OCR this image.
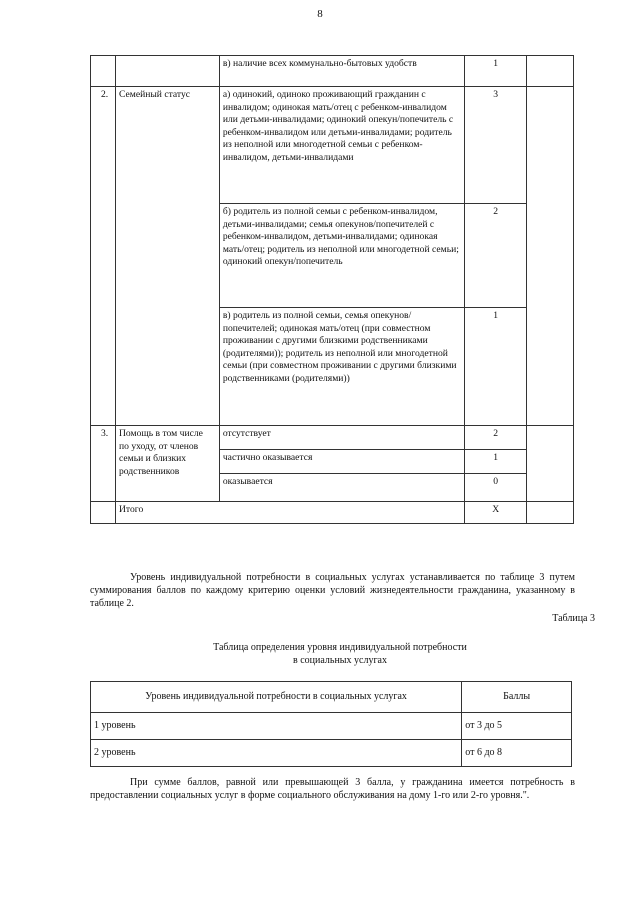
8
		в) наличие всех коммунально-бытовых удобств	1	
2.	Семейный статус	а) одинокий, одиноко проживающий гражданин с инвалидом; одинокая мать/отец с ребенком-инвалидом или детьми-инвалидами; одинокий опекун/попечитель с ребенком-инвалидом или детьми-инвалидами; родитель из неполной или многодетной семьи с ребенком-инвалидом, детьми-инвалидами	3	
		б) родитель из полной семьи с ребенком-инвалидом, детьми-инвалидами; семья опекунов/попечителей с ребенком-инвалидом, детьми-инвалидами; одинокая мать/отец; родитель из неполной или многодетной семьи; одинокий опекун/попечитель	2	
		в) родитель из полной семьи, семья опекунов/попечителей; одинокая мать/отец (при совместном проживании с другими близкими родственниками (родителями)); родитель из неполной или многодетной семьи (при совместном проживании с другими близкими родственниками (родителями))	1	
3.	Помощь в том числе по уходу, от членов семьи и близких родственников	отсутствует	2	
		частично оказывается	1	
		оказывается	0	
	Итого		X	

Уровень индивидуальной потребности в социальных услугах устанавливается по таблице 3 путем суммирования баллов по каждому критерию оценки условий жизнедеятельности гражданина, указанному в таблице 2.

Таблица 3
Таблица определения уровня индивидуальной потребности
в социальных услугах
Уровень индивидуальной потребности в социальных услугах	Баллы
1 уровень	от 3 до 5
2 уровень	от 6 до 8

При сумме баллов, равной или превышающей 3 балла, у гражданина имеется потребность в предоставлении социальных услуг в форме социального обслуживания на дому 1-го или 2-го уровня.".
